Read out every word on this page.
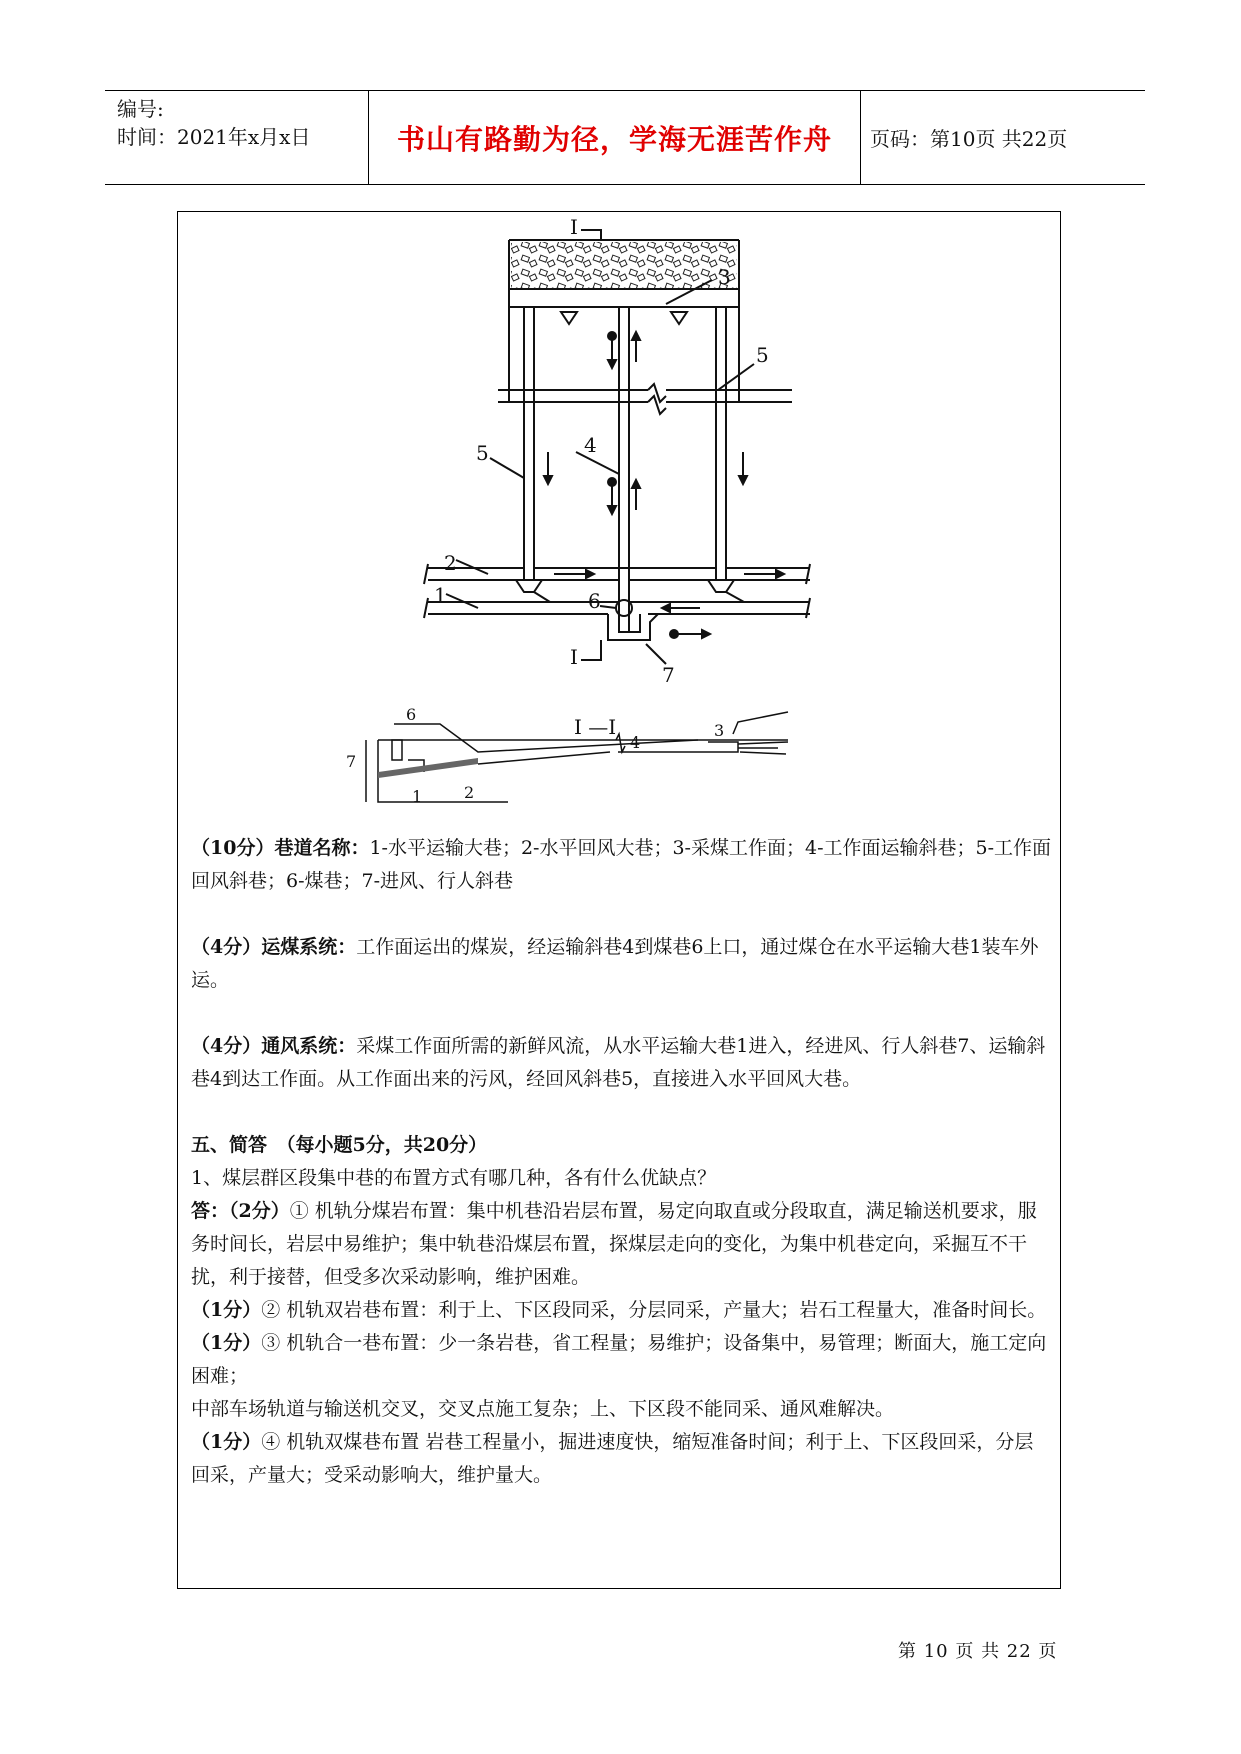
编号:
时间：2021年x月x日	书山有路勤为径，学海无涯苦作舟	页码：第10页 共22页
I
I
1
2
3
4
5
5
6
7
I —I
7
6
1	2
4
3

（10分）巷道名称：1-水平运输大巷；2-水平回风大巷；3-采煤工作面；4-工作面运输斜巷；5-工作面回风斜巷；6-煤巷；7-进风、行人斜巷

（4分）运煤系统：工作面运出的煤炭，经运输斜巷4到煤巷6上口，通过煤仓在水平运输大巷1装车外运。

（4分）通风系统：采煤工作面所需的新鲜风流，从水平运输大巷1进入，经进风、行人斜巷7、运输斜巷4到达工作面。从工作面出来的污风，经回风斜巷5，直接进入水平回风大巷。

五、简答　（每小题5分，共20分）

1、煤层群区段集中巷的布置方式有哪几种，各有什么优缺点？

答：（2分）① 机轨分煤岩布置：集中机巷沿岩层布置，易定向取直或分段取直，满足输送机要求，服务时间长，岩层中易维护；集中轨巷沿煤层布置，探煤层走向的变化，为集中机巷定向，采掘互不干扰，利于接替，但受多次采动影响，维护困难。

（1分）② 机轨双岩巷布置：利于上、下区段同采，分层同采，产量大；岩石工程量大，准备时间长。

（1分）③ 机轨合一巷布置：少一条岩巷，省工程量；易维护；设备集中，易管理；断面大，施工定向困难；

中部车场轨道与输送机交叉，交叉点施工复杂；上、下区段不能同采、通风难解决。

（1分）④ 机轨双煤巷布置 岩巷工程量小，掘进速度快，缩短准备时间；利于上、下区段回采，分层回采，产量大；受采动影响大，维护量大。

第 10 页 共 22 页
